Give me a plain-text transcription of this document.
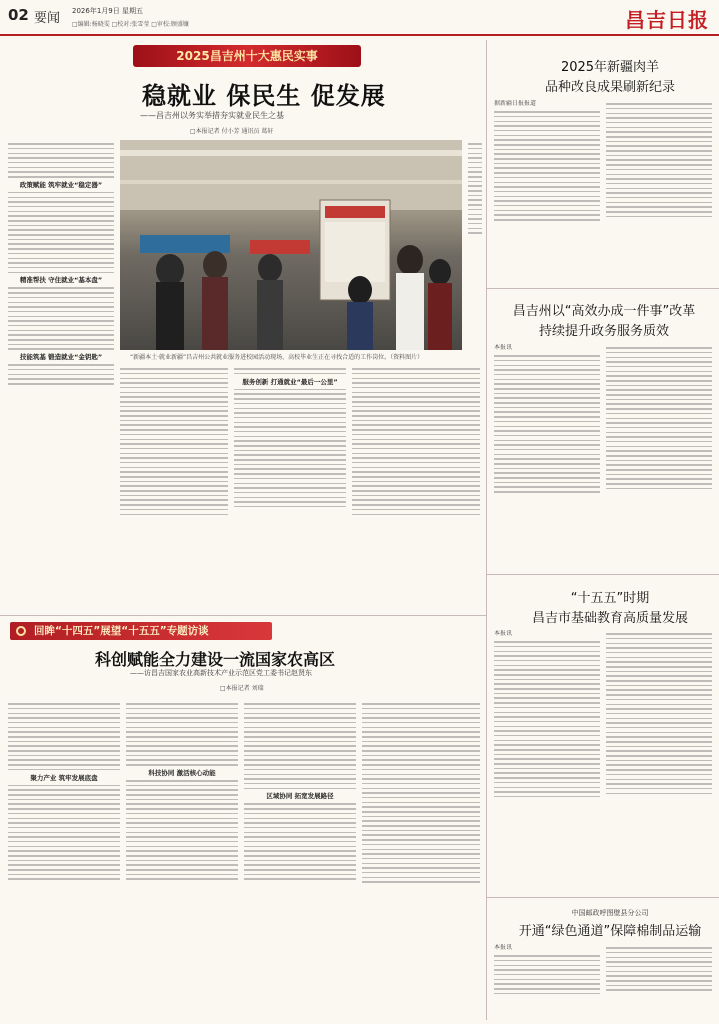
02 要闻 2026年1月9日 星期五
□编辑:杨晓雯 □校对:张雪莹 □审校:顾盛镰	昌吉日报
2025昌吉州十大惠民实事
稳就业 保民生 促发展
——昌吉州以务实举措夯实就业民生之基
□本报记者 付小芳 通讯员 葛轩
“新疆本土·就业新疆”昌吉州公共就业服务进校园活动现场，高校毕业生正在寻找合适的工作岗位。（资料图片）
政策赋能 筑牢就业“稳定器”
精准帮扶 守住就业“基本盘”
技能筑基 锻造就业“金钥匙”
服务创新 打通就业“最后一公里”
2025年新疆肉羊
品种改良成果刷新纪录
据新疆日报报道
昌吉州以“高效办成一件事”改革
持续提升政务服务质效
本报讯
“十五五”时期
昌吉市基础教育高质量发展
本报讯
中国邮政呼图壁县分公司
开通“绿色通道”保障棉制品运输
本报讯
回眸“十四五”展望“十五五”专题访谈
科创赋能全力建设一流国家农高区
——访昌吉国家农业高新技术产业示范区党工委书记赵贤东
□本报记者 刘瑞
聚力产业 筑牢发展底盘
科技协同 激活核心动能
区域协同 拓宽发展路径
